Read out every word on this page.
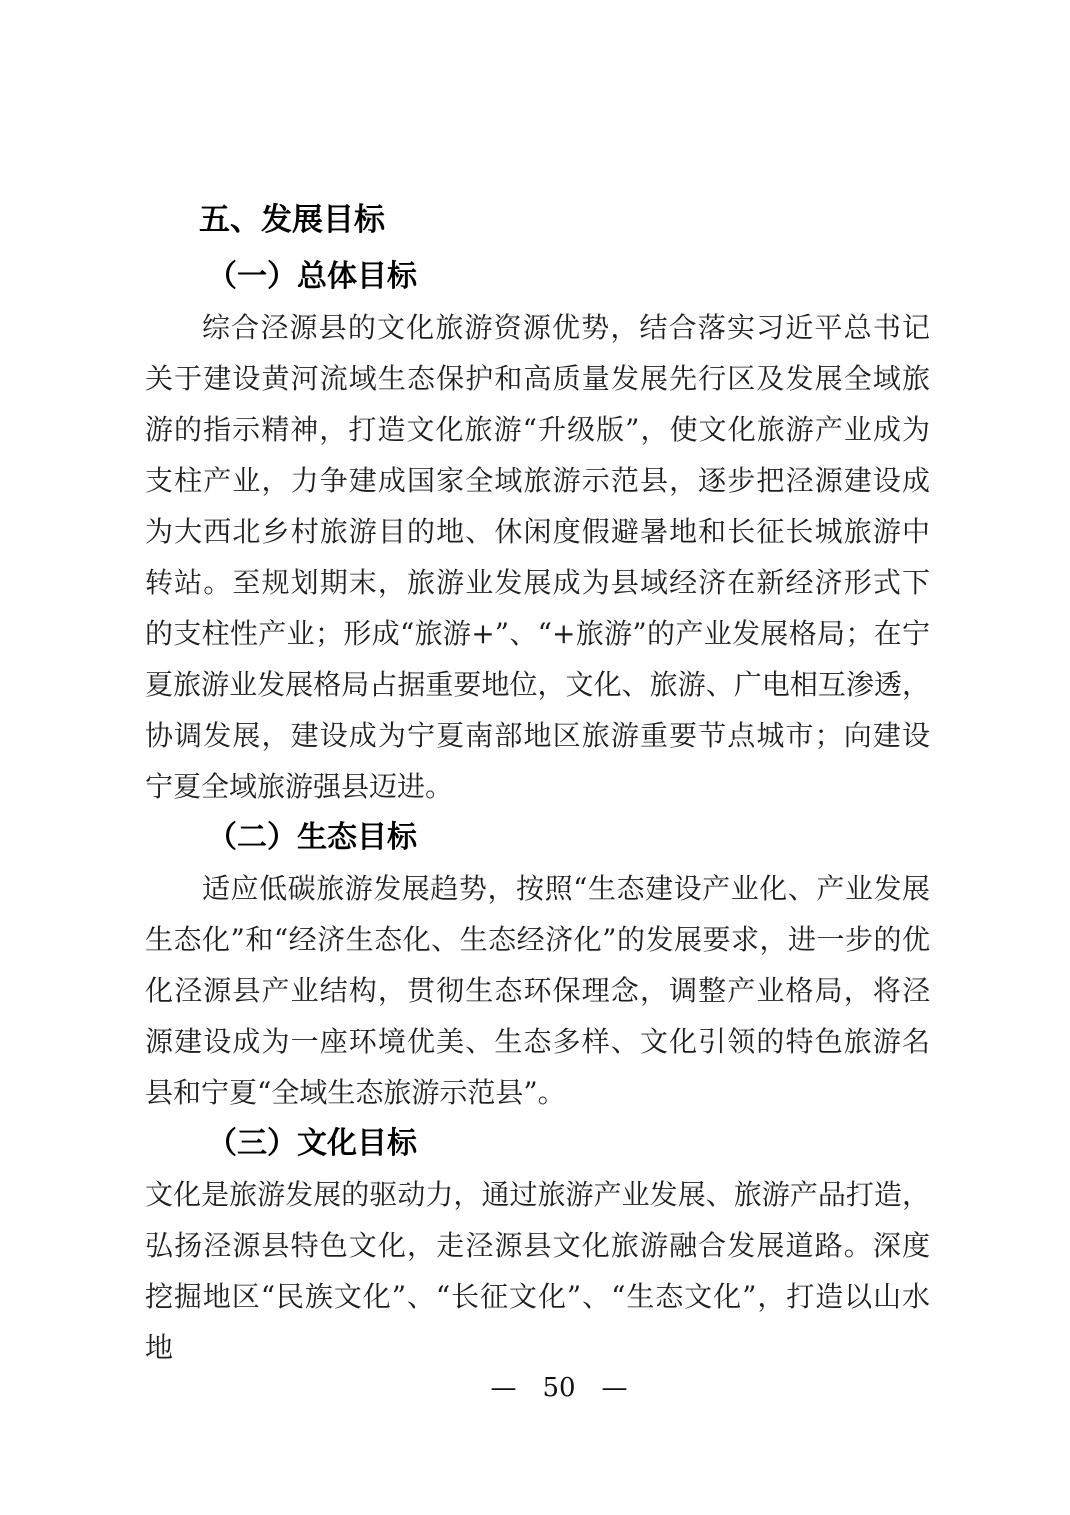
五、发展目标
（一）总体目标
综合泾源县的文化旅游资源优势，结合落实习近平总书记
关于建设黄河流域生态保护和高质量发展先行区及发展全域旅
游的指示精神，打造文化旅游“升级版”，使文化旅游产业成为
支柱产业，力争建成国家全域旅游示范县，逐步把泾源建设成
为大西北乡村旅游目的地、休闲度假避暑地和长征长城旅游中
转站。至规划期末，旅游业发展成为县域经济在新经济形式下
的支柱性产业；形成“旅游+”、“+旅游”的产业发展格局；在宁
夏旅游业发展格局占据重要地位，文化、旅游、广电相互渗透，
协调发展，建设成为宁夏南部地区旅游重要节点城市；向建设
宁夏全域旅游强县迈进。
（二）生态目标
适应低碳旅游发展趋势，按照“生态建设产业化、产业发展
生态化”和“经济生态化、生态经济化”的发展要求，进一步的优
化泾源县产业结构，贯彻生态环保理念，调整产业格局，将泾
源建设成为一座环境优美、生态多样、文化引领的特色旅游名
县和宁夏“全域生态旅游示范县”。
（三）文化目标
文化是旅游发展的驱动力，通过旅游产业发展、旅游产品打造，
弘扬泾源县特色文化，走泾源县文化旅游融合发展道路。深度
挖掘地区“民族文化”、“长征文化”、“生态文化”，打造以山水地
— 50 —
